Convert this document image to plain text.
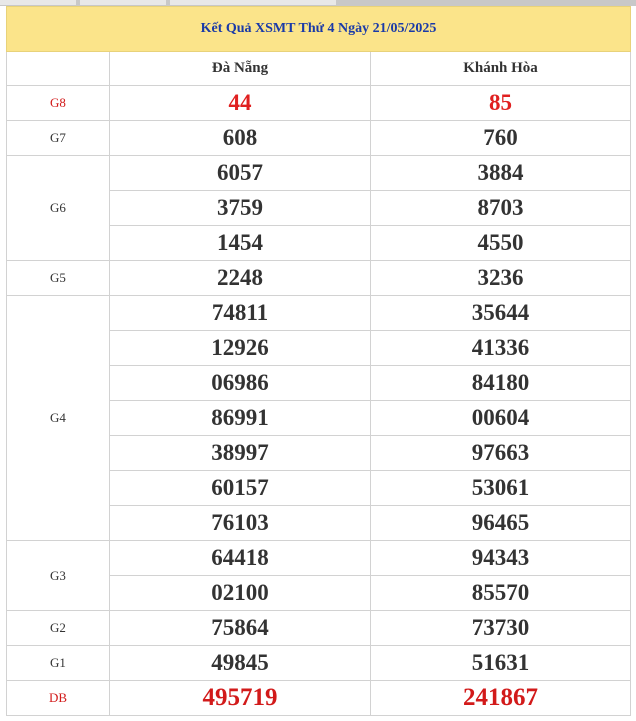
Kết Quả XSMT Thứ 4 Ngày 21/05/2025		
	Đà Nẵng	Khánh Hòa
G8	44	85
G7	608	760
G6	6057	3884
	3759	8703
	1454	4550
G5	2248	3236
G4	74811	35644
	12926	41336
	06986	84180
	86991	00604
	38997	97663
	60157	53061
	76103	96465
G3	64418	94343
	02100	85570
G2	75864	73730
G1	49845	51631
DB	495719	241867
